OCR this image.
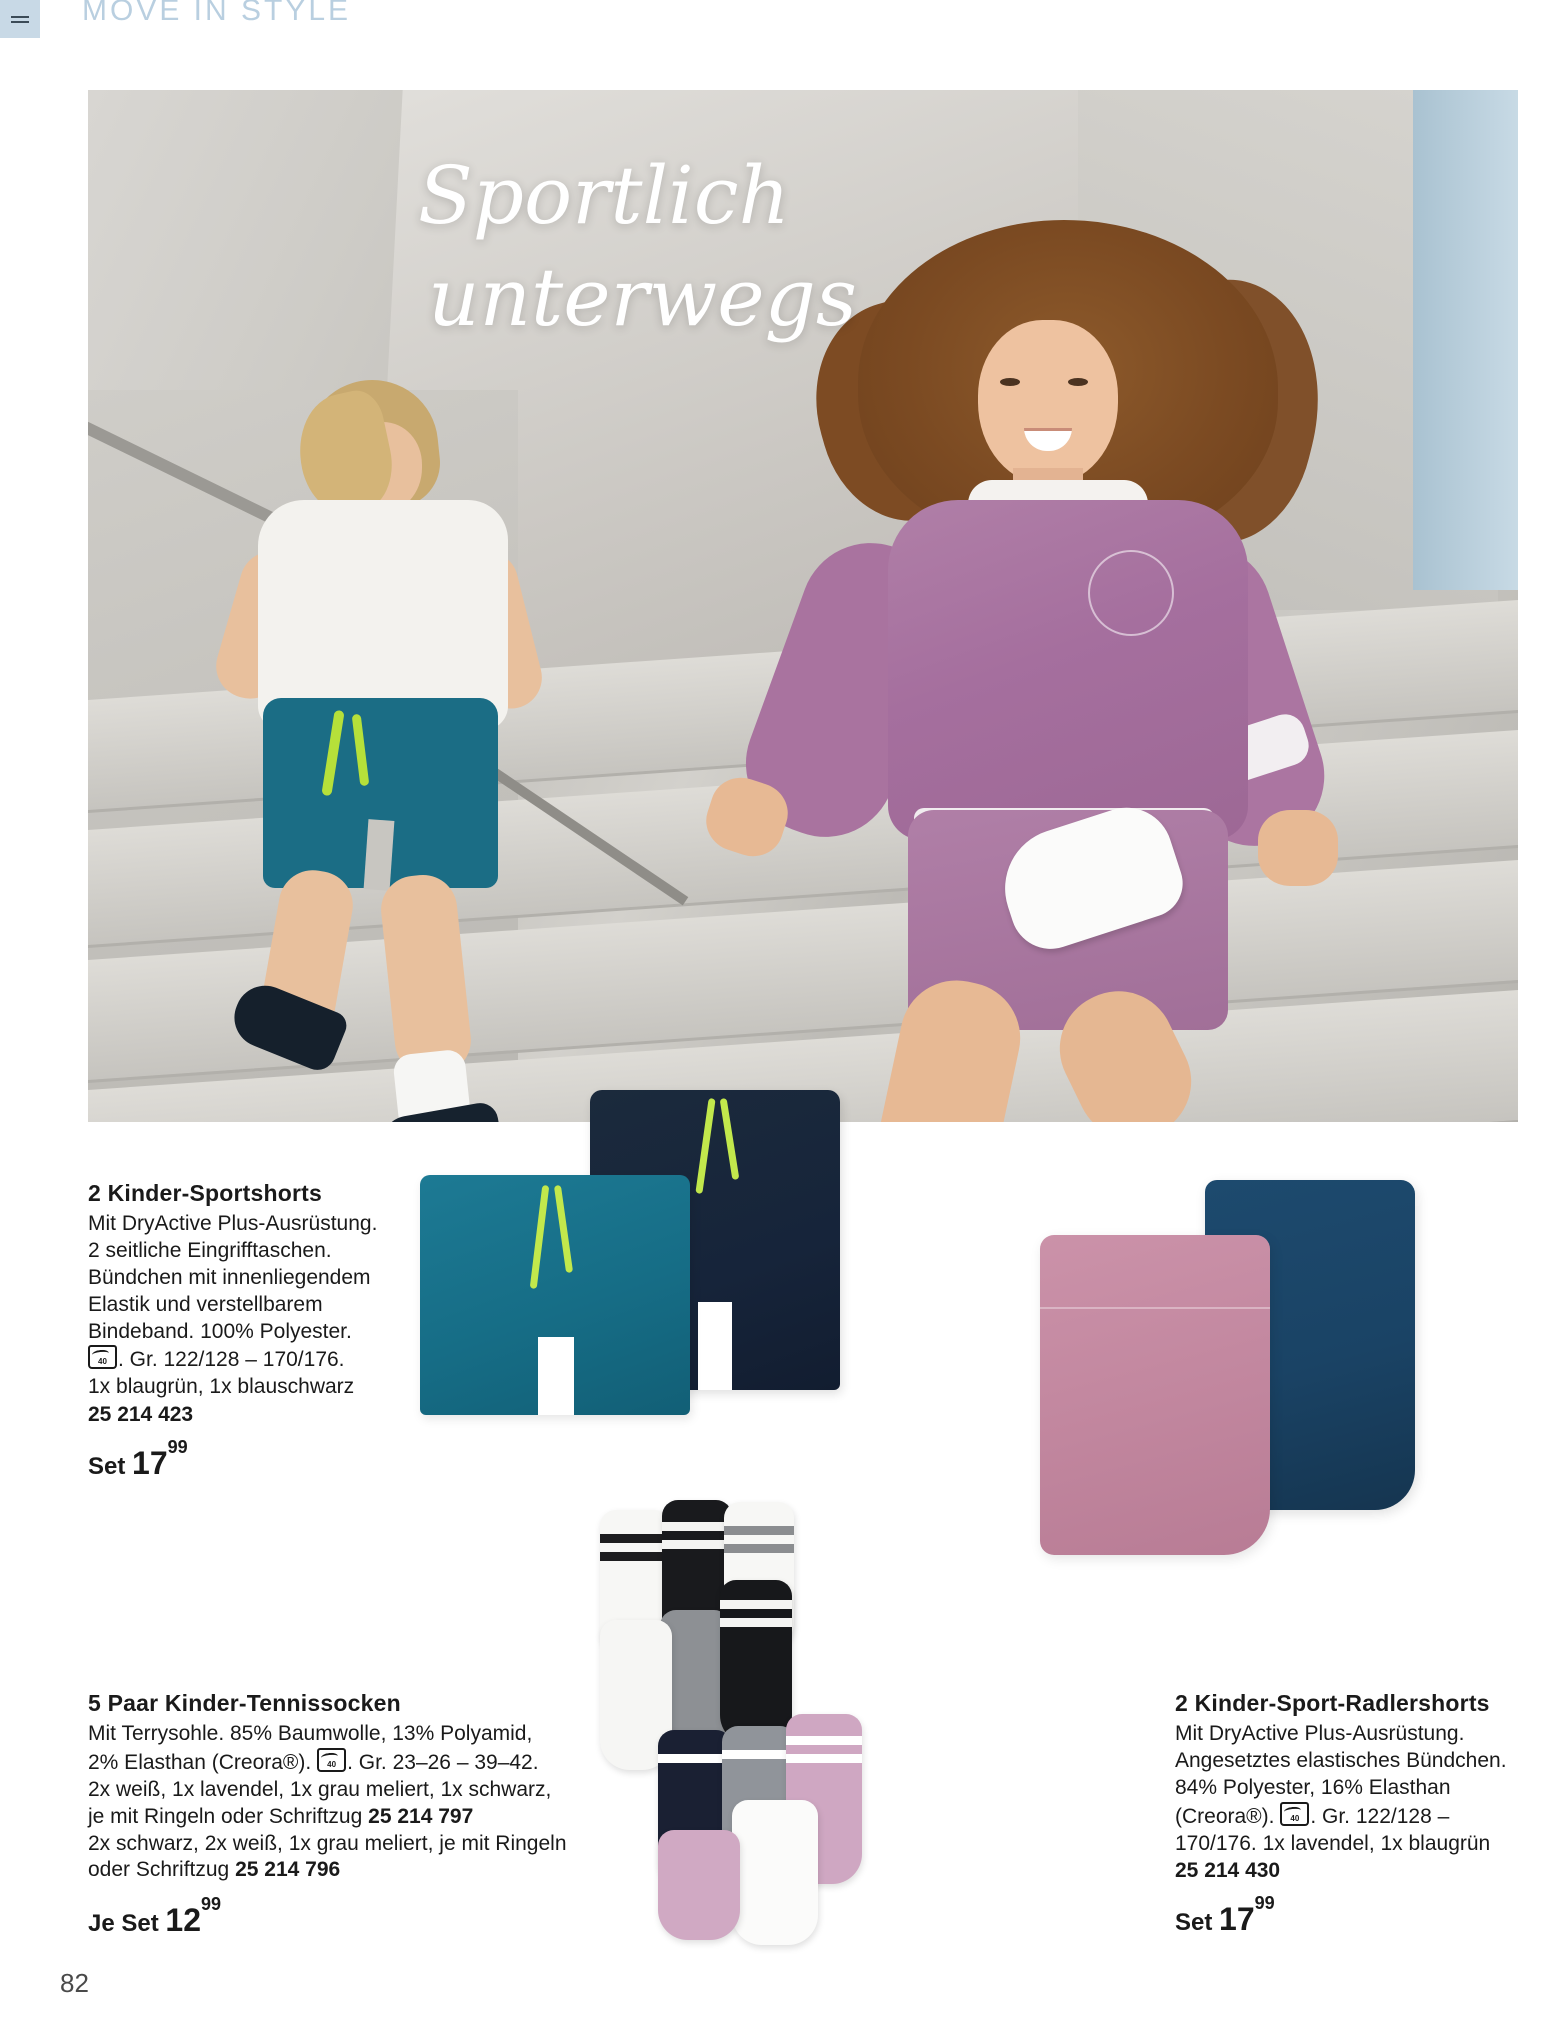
MOVE IN STYLE
Sportlich
unterwegs
2 Kinder-Sportshorts
Mit DryActive Plus-Ausrüstung.
2 seitliche Eingrifftaschen.
Bündchen mit innenliegendem
Elastik und verstellbarem
Bindeband. 100% Polyester.
40. Gr. 122/128 – 170/176.
1x blaugrün, 1x blauschwarz
25 214 423
Set $17^{99}$
5 Paar Kinder-Tennissocken
Mit Terrysohle. 85% Baumwolle, 13% Polyamid,
2% Elasthan (Creora®). 40 . Gr. 23–26 – 39–42.
2x weiß, 1x lavendel, 1x grau meliert, 1x schwarz,
je mit Ringeln oder Schriftzug 25 214 797
2x schwarz, 2x weiß, 1x grau meliert, je mit Ringeln
oder Schriftzug 25 214 796
Je Set $12^{99}$
2 Kinder-Sport-Radlershorts
Mit DryActive Plus-Ausrüstung.
Angesetztes elastisches Bündchen.
84% Polyester, 16% Elasthan
(Creora®). 40 . Gr. 122/128 –
170/176. 1x lavendel, 1x blaugrün
25 214 430
Set $17^{99}$
82
